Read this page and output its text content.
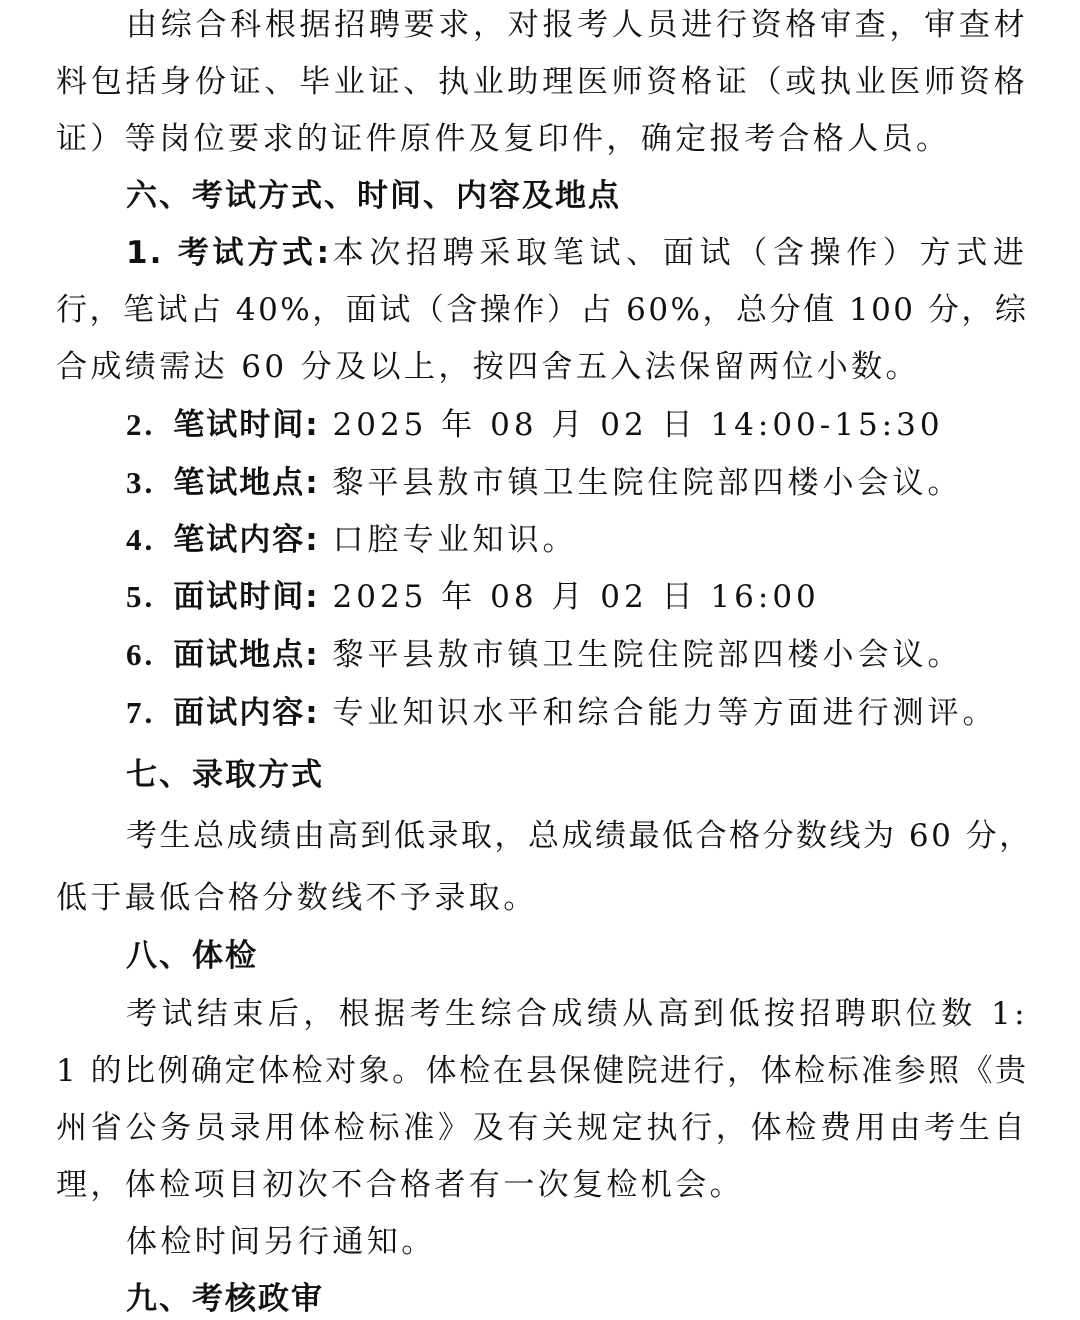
由综合科根据招聘要求，对报考人员进行资格审查，审查材
料包括身份证、毕业证、执业助理医师资格证（或执业医师资格
证）等岗位要求的证件原件及复印件，确定报考合格人员。
六、考试方式、时间、内容及地点
1. 考试方式:本次招聘采取笔试、面试（含操作）方式进
行，笔试占 40%，面试（含操作）占 60%，总分值 100 分，综
合成绩需达 60 分及以上，按四舍五入法保留两位小数。
2. 笔试时间: 2025 年 08 月 02 日 14:00-15:30
3. 笔试地点: 黎平县敖市镇卫生院住院部四楼小会议。
4. 笔试内容: 口腔专业知识。
5. 面试时间: 2025 年 08 月 02 日 16:00
6. 面试地点: 黎平县敖市镇卫生院住院部四楼小会议。
7. 面试内容: 专业知识水平和综合能力等方面进行测评。
七、录取方式
考生总成绩由高到低录取，总成绩最低合格分数线为 60 分，
低于最低合格分数线不予录取。
八、体检
考试结束后，根据考生综合成绩从高到低按招聘职位数 1:
1 的比例确定体检对象。体检在县保健院进行，体检标准参照《贵
州省公务员录用体检标准》及有关规定执行，体检费用由考生自
理，体检项目初次不合格者有一次复检机会。
体检时间另行通知。
九、考核政审
